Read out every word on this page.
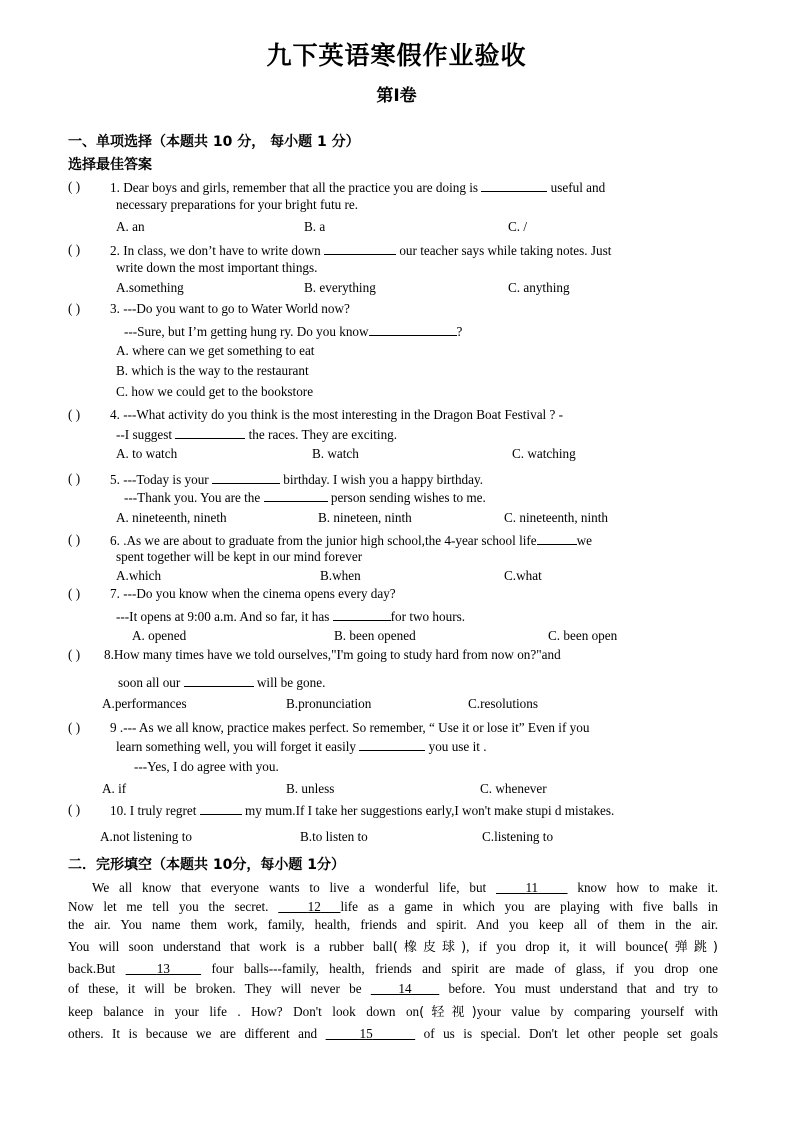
九下英语寒假作业验收
第I卷
一、单项选择（本题共 10 分， 每小题 1 分）
选择最佳答案
( ) 1. Dear boys and girls, remember that all the practice you are doing is	useful and
necessary preparations for your bright futu re.
A. an	B. a	C. /
( ) 2. In class, we don’t have to write down	our teacher says while taking notes. Just
write down the most important things.
A.something	B. everything	C. anything
( ) 3. ---Do you want to go to Water World now?
---Sure, but I’m getting hung ry. Do you know	?
A. where can we get something to eat
B. which is the way to the restaurant
C. how we could get to the bookstore
( ) 4. ---What activity do you think is the most interesting in the Dragon Boat Festival ? -
--I suggest	the races. They are exciting.
A. to watch	B. watch	C. watching
( ) 5. ---Today is your	birthday. I wish you a happy birthday.
---Thank you. You are the	person sending wishes to me.
A. nineteenth, nineth	B. nineteen, ninth	C. nineteenth, ninth
( ) 6. .As we are about to graduate from the junior high school,the 4-year school life	we
spent together will be kept in our mind forever
A.which	B.when	C.what
( ) 7. ---Do you know when the cinema opens every day?
---It opens at 9:00 a.m. And so far, it has	for two hours.
A. opened	B. been opened	C. been open
( ) 8.How many times have we told ourselves,"I'm going to study hard from now on?"and
soon all our	will be gone.
A.performances	B.pronunciation	C.resolutions
( ) 9 .--- As we all know, practice makes perfect. So remember, “ Use it or lose it” Even if you
learn something well, you will forget it easily	you use it .
---Yes, I do agree with you.
A. if	B. unless	C. whenever
( ) 10. I truly regret	my mum.If I take her suggestions early,I won't make stupi d mistakes.
A.not listening to	B.to listen to	C.listening to
二．完形填空（本题共 10分，每小题 1分）
We all know that everyone wants to live a wonderful life, but	11	know how to make it.
Now let me tell you the secret.	12 life as a game in which you are playing with five balls in
the air. You name them work, family, health, friends and spirit. And you keep all of them in the air.
You will soon understand that work is a rubber ball(橡皮球), if you drop it, it will bounce(弹跳)
back.But	13	four balls---family, health, friends and spirit are made of glass, if you drop one
of these, it will be broken. They will never be	14	before. You must understand that and try to
keep balance in your life . How? Don't look down on(轻视)your value by comparing yourself with
others. It is because we are different and	15	of us is special. Don't let other people set goals
